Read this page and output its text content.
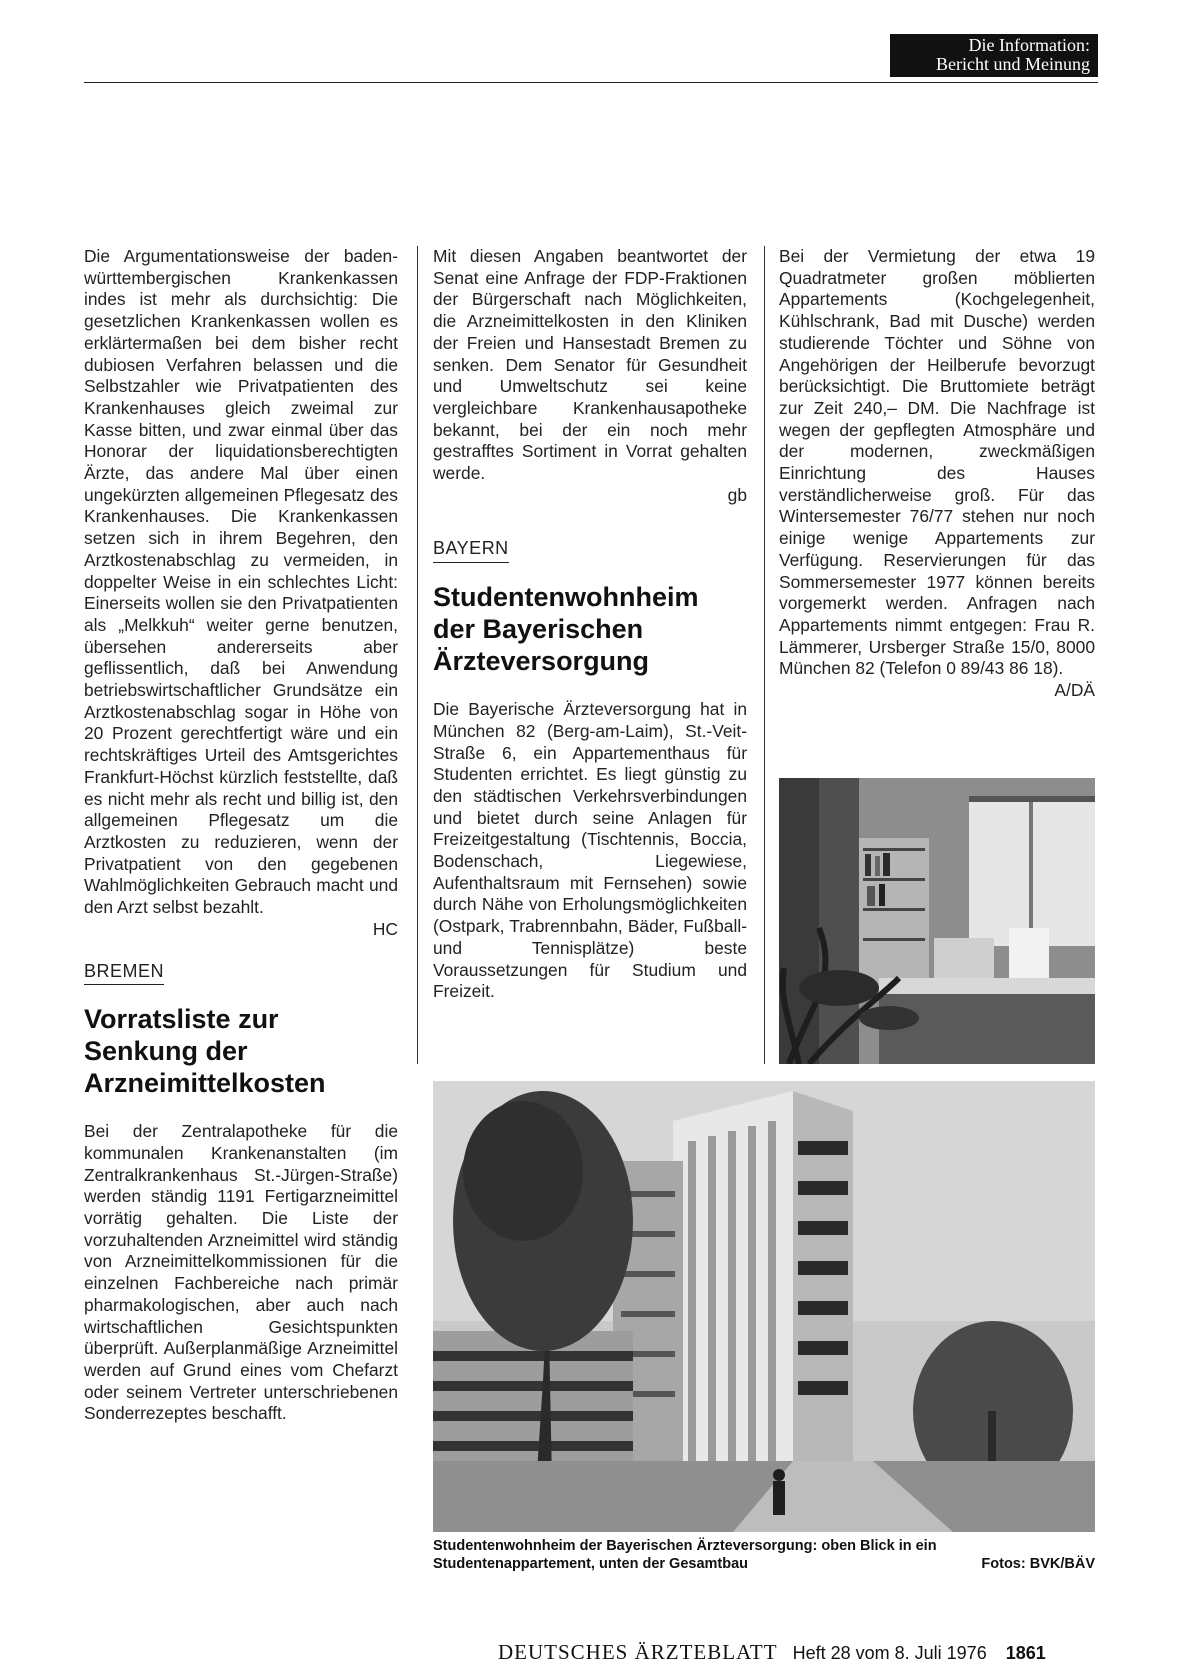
Die Information:
Bericht und Meinung

Die Argumentationsweise der baden-württembergischen Krankenkassen indes ist mehr als durchsichtig: Die gesetzlichen Krankenkassen wollen es erklärtermaßen bei dem bisher recht dubiosen Verfahren belassen und die Selbstzahler wie Privatpatienten des Krankenhauses gleich zweimal zur Kasse bitten, und zwar einmal über das Honorar der liquidationsberechtigten Ärzte, das andere Mal über einen ungekürzten allgemeinen Pflegesatz des Krankenhauses. Die Krankenkassen setzen sich in ihrem Begehren, den Arztkostenabschlag zu vermeiden, in doppelter Weise in ein schlechtes Licht: Einerseits wollen sie den Privatpatienten als „Melkkuh“ weiter gerne benutzen, übersehen andererseits aber geflissentlich, daß bei Anwendung betriebswirtschaftlicher Grundsätze ein Arztkostenabschlag sogar in Höhe von 20 Prozent gerechtfertigt wäre und ein rechtskräftiges Urteil des Amtsgerichtes Frankfurt-Höchst kürzlich feststellte, daß es nicht mehr als recht und billig ist, den allgemeinen Pflegesatz um die Arztkosten zu reduzieren, wenn der Privatpatient von den gegebenen Wahlmöglichkeiten Gebrauch macht und den Arzt selbst bezahlt.

HC

BREMEN
Vorratsliste zur Senkung der Arzneimittelkosten

Bei der Zentralapotheke für die kommunalen Krankenanstalten (im Zentralkrankenhaus St.-Jürgen-Straße) werden ständig 1191 Fertigarzneimittel vorrätig gehalten. Die Liste der vorzuhaltenden Arzneimittel wird ständig von Arzneimittelkommissionen für die einzelnen Fachbereiche nach primär pharmakologischen, aber auch nach wirtschaftlichen Gesichtspunkten überprüft. Außerplanmäßige Arzneimittel werden auf Grund eines vom Chefarzt oder seinem Vertreter unterschriebenen Sonderrezeptes beschafft.

Mit diesen Angaben beantwortet der Senat eine Anfrage der FDP-Fraktionen der Bürgerschaft nach Möglichkeiten, die Arzneimittelkosten in den Kliniken der Freien und Hansestadt Bremen zu senken. Dem Senator für Gesundheit und Umweltschutz sei keine vergleichbare Krankenhausapotheke bekannt, bei der ein noch mehr gestrafftes Sortiment in Vorrat gehalten werde.

gb

BAYERN
Studentenwohnheim der Bayerischen Ärzteversorgung

Die Bayerische Ärzteversorgung hat in München 82 (Berg-am-Laim), St.-Veit-Straße 6, ein Appartementhaus für Studenten errichtet. Es liegt günstig zu den städtischen Verkehrsverbindungen und bietet durch seine Anlagen für Freizeitgestaltung (Tischtennis, Boccia, Bodenschach, Liegewiese, Aufenthaltsraum mit Fernsehen) sowie durch Nähe von Erholungsmöglichkeiten (Ostpark, Trabrennbahn, Bäder, Fußball- und Tennisplätze) beste Voraussetzungen für Studium und Freizeit.

Bei der Vermietung der etwa 19 Quadratmeter großen möblierten Appartements (Kochgelegenheit, Kühlschrank, Bad mit Dusche) werden studierende Töchter und Söhne von Angehörigen der Heilberufe bevorzugt berücksichtigt. Die Bruttomiete beträgt zur Zeit 240,– DM. Die Nachfrage ist wegen der gepflegten Atmosphäre und der modernen, zweckmäßigen Einrichtung des Hauses verständlicherweise groß. Für das Wintersemester 76/77 stehen nur noch einige wenige Appartements zur Verfügung. Reservierungen für das Sommersemester 1977 können bereits vorgemerkt werden. Anfragen nach Appartements nimmt entgegen: Frau R. Lämmerer, Ursberger Straße 15/0, 8000 München 82 (Telefon 0 89/43 86 18).

A/DÄ

Studentenwohnheim der Bayerischen Ärzteversorgung: oben Blick in ein Studentenappartement, unten der Gesamtbau	Fotos: BVK/BÄV
DEUTSCHES ÄRZTEBLATT Heft 28 vom 8. Juli 1976 1861
